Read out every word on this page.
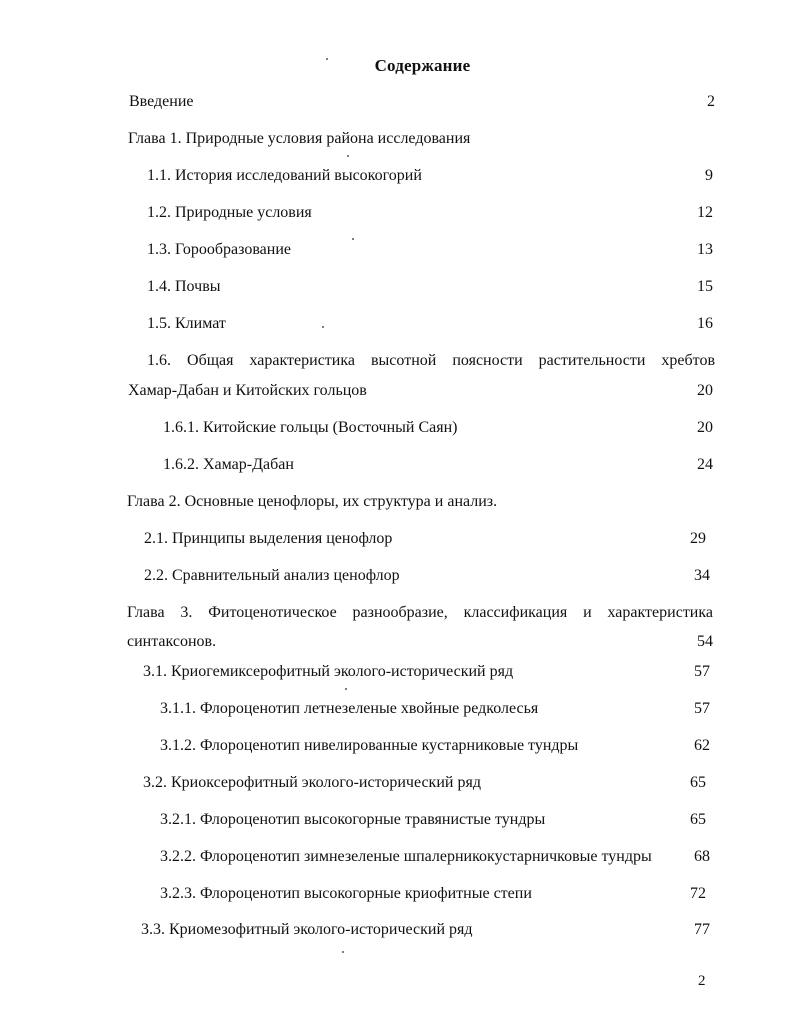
Содержание
Введение	2
Глава 1. Природные условия района исследования
1.1. История исследований высокогорий	9
1.2. Природные условия	12
1.3. Горообразование	13
1.4. Почвы	15
1.5. Климат	16
1.6. Общая характеристика высотной поясности растительности хребтов
Хамар-Дабан и Китойских гольцов	20
1.6.1. Китойские гольцы (Восточный Саян)	20
1.6.2. Хамар-Дабан	24
Глава 2. Основные ценофлоры, их структура и анализ.
2.1. Принципы выделения ценофлор	29
2.2. Сравнительный анализ ценофлор	34
Глава 3. Фитоценотическое разнообразие, классификация и характеристика
синтаксонов.	54
3.1. Криогемиксерофитный эколого-исторический ряд	57
3.1.1. Флороценотип летнезеленые хвойные редколесья	57
3.1.2. Флороценотип нивелированные кустарниковые тундры	62
3.2. Криоксерофитный эколого-исторический ряд	65
3.2.1. Флороценотип высокогорные травянистые тундры	65
3.2.2. Флороценотип зимнезеленые шпалерникокустарничковые тундры	68
3.2.3. Флороценотип высокогорные криофитные степи	72
3.3. Криомезофитный эколого-исторический ряд	77
2
